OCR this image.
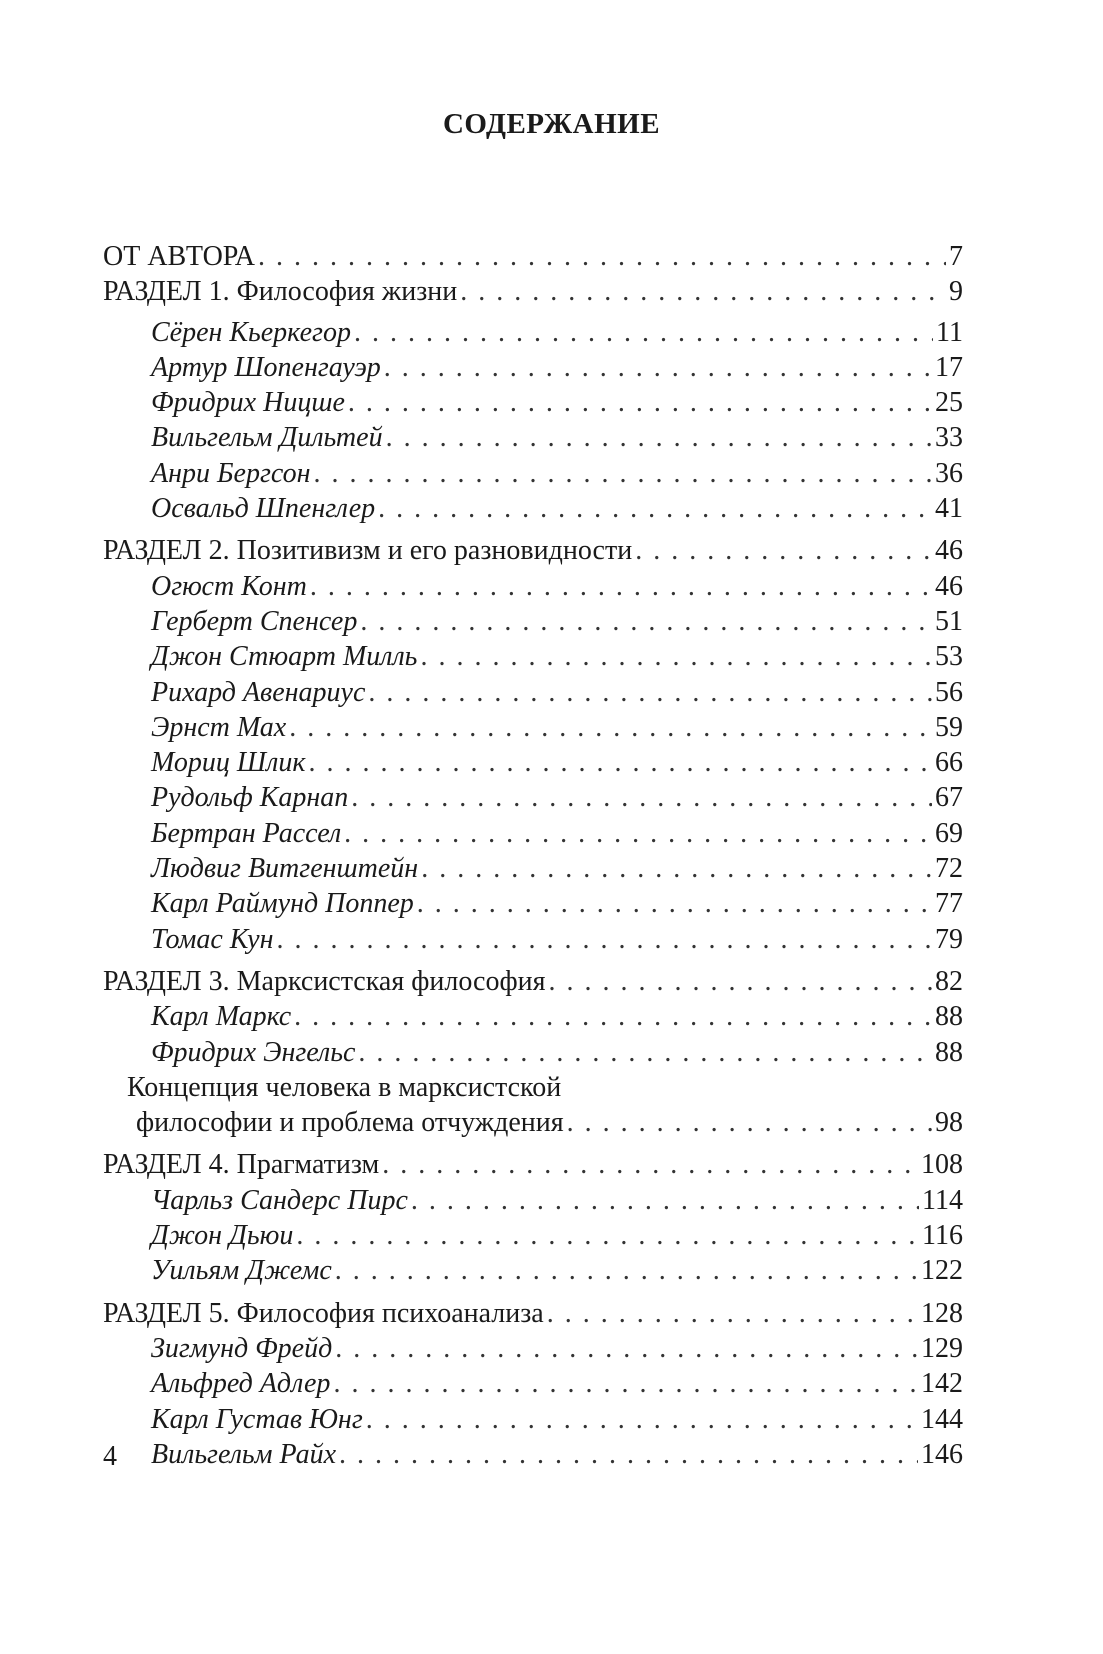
СОДЕРЖАНИЕ
ОТ АВТОРА . . .	7
РАЗДЕЛ 1. Философия жизни . . .	9
Сёрен Кьеркегор . . .	11
Артур Шопенгауэр . . .	17
Фридрих Ницше . . .	25
Вильгельм Дильтей . . .	33
Анри Бергсон . . .	36
Освальд Шпенглер . . .	41
РАЗДЕЛ 2. Позитивизм и его разновидности . . .	46
Огюст Конт . . .	46
Герберт Спенсер . . .	51
Джон Стюарт Милль . . .	53
Рихард Авенариус . . .	56
Эрнст Мах . . .	59
Мориц Шлик . . .	66
Рудольф Карнап . . .	67
Бертран Рассел . . .	69
Людвиг Витгенштейн . . .	72
Карл Раймунд Поппер . . .	77
Томас Кун . . .	79
РАЗДЕЛ 3. Марксистская философия . . .	82
Карл Маркс . . .	88
Фридрих Энгельс . . .	88
Концепция человека в марксистской
философии и проблема отчуждения . . .	98
РАЗДЕЛ 4. Прагматизм . . .	108
Чарльз Сандерс Пирс . . .	114
Джон Дьюи . . .	116
Уильям Джемс . . .	122
РАЗДЕЛ 5. Философия психоанализа . . .	128
Зигмунд Фрейд . . .	129
Альфред Адлер . . .	142
Карл Густав Юнг . . .	144
Вильгельм Райх . . .	146
4
